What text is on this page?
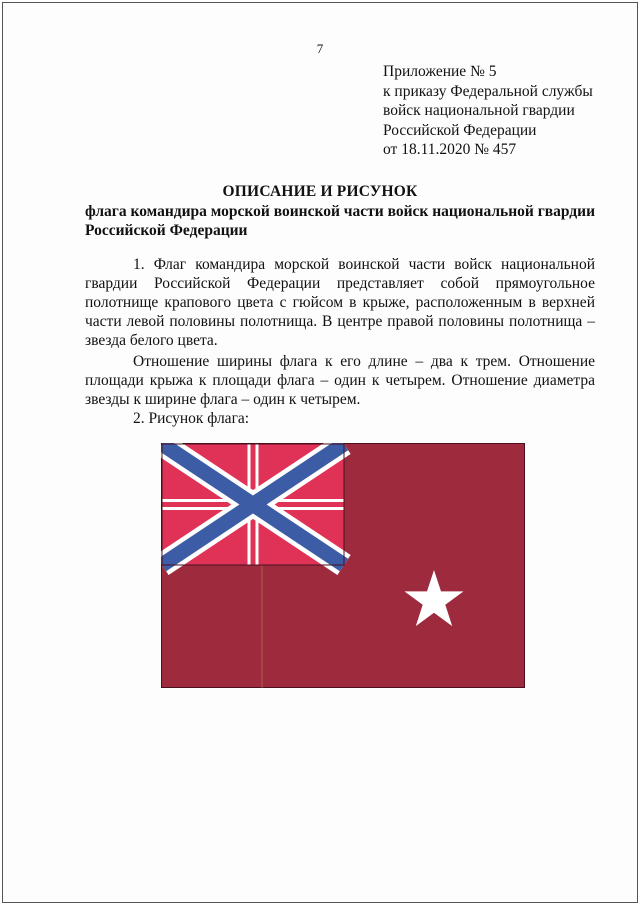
7
Приложение № 5
к приказу Федеральной службы
войск национальной гвардии
Российской Федерации
от 18.11.2020 № 457
ОПИСАНИЕ И РИСУНОК
флага командира морской воинской части войск национальной гвардии Российской Федерации

1. Флаг командира морской воинской части войск национальной гвардии Российской Федерации представляет собой прямоугольное полотнище крапового цвета с гюйсом в крыже, расположенным в верхней части левой половины полотнища. В центре правой половины полотнища – звезда белого цвета.

Отношение ширины флага к его длине – два к трем. Отношение площади крыжа к площади флага – один к четырем. Отношение диаметра звезды к ширине флага – один к четырем.

2. Рисунок флага:
